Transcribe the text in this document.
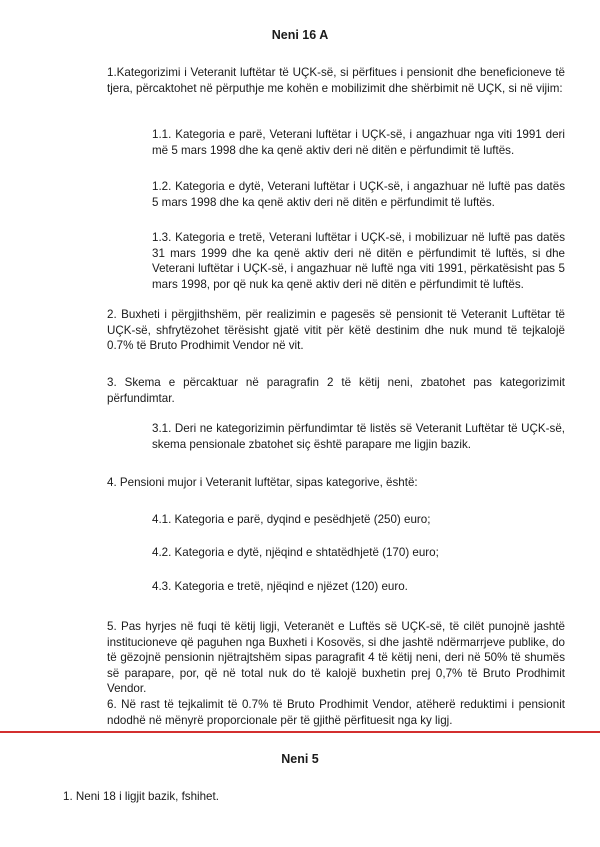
Neni 16 A

1.Kategorizimi i Veteranit luftëtar të UÇK-së, si përfitues i pensionit dhe beneficioneve të tjera, përcaktohet në përputhje me kohën e mobilizimit dhe shërbimit në UÇK, si në vijim:

1.1. Kategoria e parë, Veterani luftëtar i UÇK-së, i angazhuar nga viti 1991 deri më 5 mars 1998 dhe ka qenë aktiv deri në ditën e përfundimit të luftës.

1.2. Kategoria e dytë, Veterani luftëtar i UÇK-së, i angazhuar në luftë pas datës 5 mars 1998 dhe ka qenë aktiv deri në ditën e përfundimit të luftës.

1.3. Kategoria e tretë, Veterani luftëtar i UÇK-së, i mobilizuar në luftë pas datës 31 mars 1999 dhe ka qenë aktiv deri në ditën e përfundimit të luftës, si dhe Veterani luftëtar i UÇK-së, i angazhuar në luftë nga viti 1991, përkatësisht pas 5 mars 1998, por që nuk ka qenë aktiv deri në ditën e përfundimit të luftës.

2. Buxheti i përgjithshëm, për realizimin e pagesës së pensionit të Veteranit Luftëtar të UÇK-së, shfrytëzohet tërësisht gjatë vitit për këtë destinim dhe nuk mund të tejkalojë 0.7% të Bruto Prodhimit Vendor në vit.

3. Skema e përcaktuar në paragrafin 2 të këtij neni, zbatohet pas kategorizimit përfundimtar.

3.1. Deri ne kategorizimin përfundimtar të listës së Veteranit Luftëtar të UÇK-së, skema pensionale zbatohet siç është parapare me ligjin bazik.

4. Pensioni mujor i Veteranit luftëtar, sipas kategorive, është:

4.1. Kategoria e parë, dyqind e pesëdhjetë (250) euro;

4.2. Kategoria e dytë, njëqind e shtatëdhjetë (170) euro;

4.3. Kategoria e tretë, njëqind e njëzet (120) euro.

5. Pas hyrjes në fuqi të këtij ligji, Veteranët e Luftës së UÇK-së, të cilët punojnë jashtë institucioneve që paguhen nga Buxheti i Kosovës, si dhe jashtë ndërmarrjeve publike, do të gëzojnë pensionin njëtrajtshëm sipas paragrafit 4 të këtij neni, deri në 50% të shumës së parapare, por, që në total nuk do të kalojë buxhetin prej 0,7% të Bruto Prodhimit Vendor.

6. Në rast të tejkalimit të 0.7% të Bruto Prodhimit Vendor, atëherë reduktimi i pensionit ndodhë në mënyrë proporcionale për të gjithë përfituesit nga ky ligj.

Neni 5
1. Neni 18 i ligjit bazik, fshihet.
